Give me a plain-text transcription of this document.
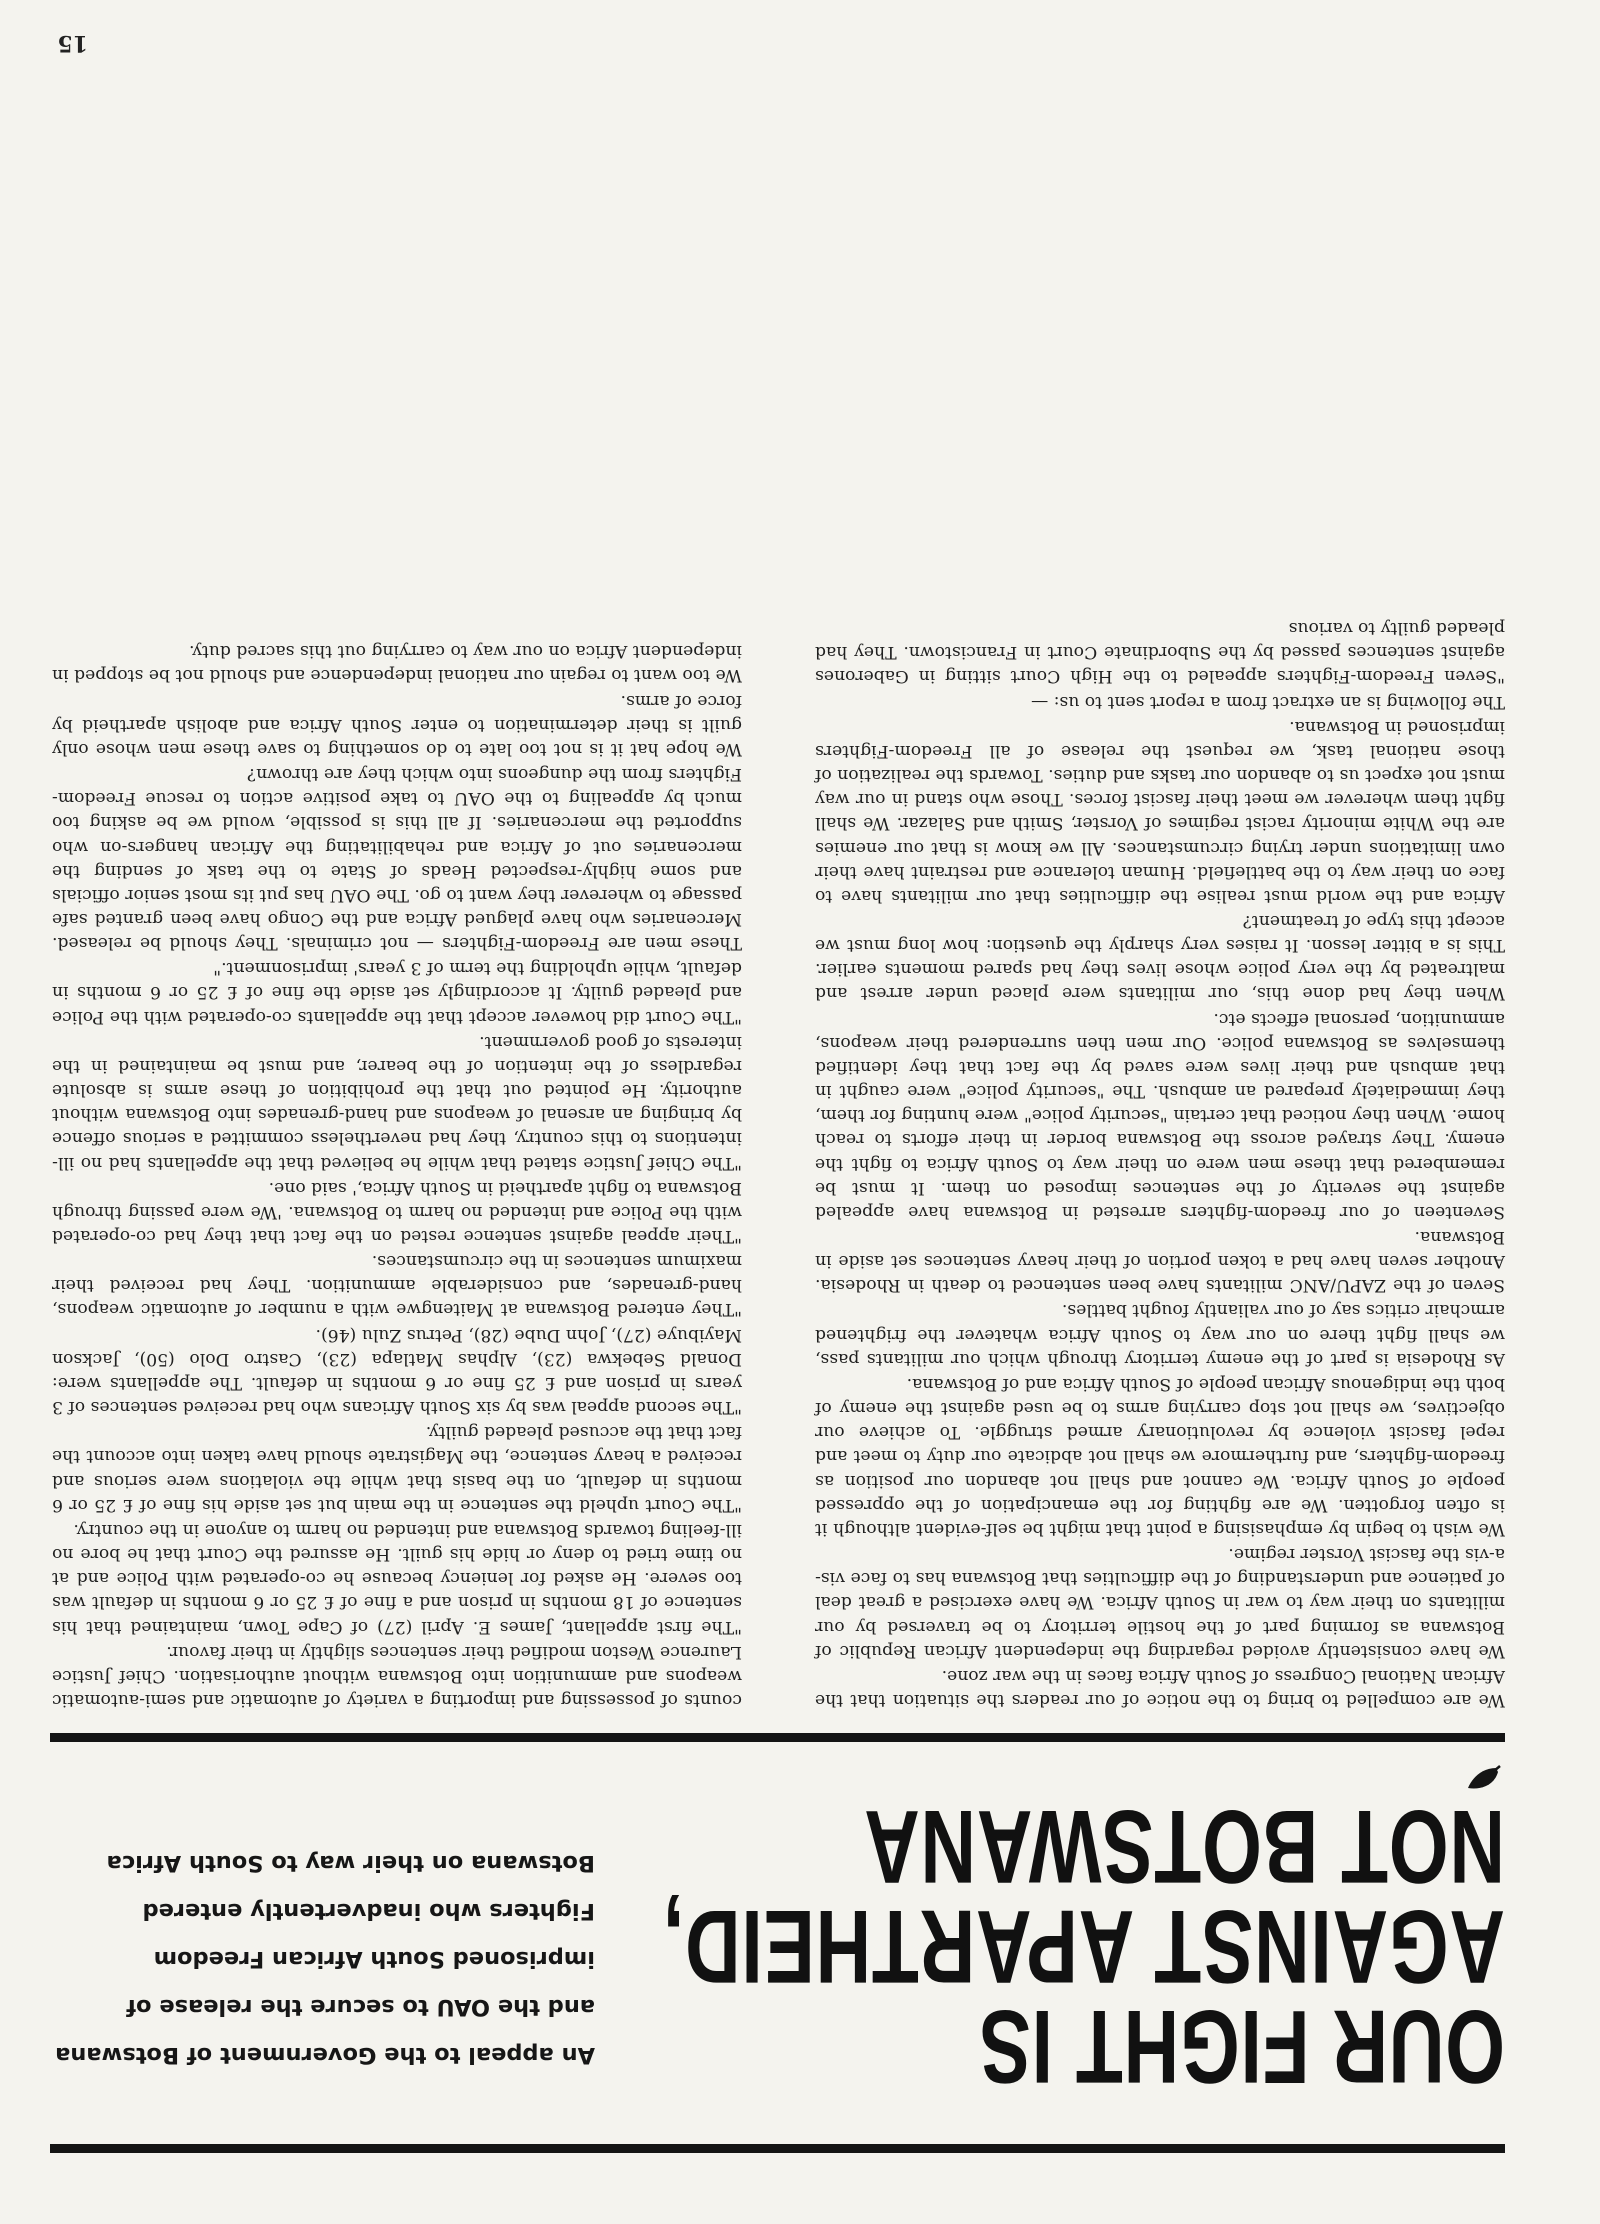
OUR FIGHT IS
AGAINST APARTHEID,
NOT BOTSWANA

An appeal to the Government of Botswana and the OAU to secure the release of imprisoned South African Freedom Fighters who inadvertently entered Botswana on their way to South Africa

We are compelled to bring to the notice of our readers the situation that the African National Congress of South Africa faces in the war zone.

We have consistently avoided regarding the independent African Republic of Botswana as forming part of the hostile territory to be traversed by our militants on their way to war in South Africa. We have exercised a great deal of patience and understanding of the difficulties that Botswana has to face vis-a-vis the fascist Vorster regime.

We wish to begin by emphasising a point that might be self-evident although it is often forgotten. We are fighting for the emancipation of the oppressed people of South Africa. We cannot and shall not abandon our position as freedom-fighters, and furthermore we shall not abdicate our duty to meet and repel fascist violence by revolutionary armed struggle. To achieve our objectives, we shall not stop carrying arms to be used against the enemy of both the indigenous African people of South Africa and of Botswana.

As Rhodesia is part of the enemy territory through which our militants pass, we shall fight there on our way to South Africa whatever the frightened armchair critics say of our valiantly fought battles.

Seven of the ZAPU/ANC militants have been sentenced to death in Rhodesia. Another seven have had a token portion of their heavy sentences set aside in Botswana.

Seventeen of our freedom-fighters arrested in Botswana have appealed against the severity of the sentences imposed on them. It must be remembered that these men were on their way to South Africa to fight the enemy. They strayed across the Botswana border in their efforts to reach home. When they noticed that certain "security police" were hunting for them, they immediately prepared an ambush. The "security police" were caught in that ambush and their lives were saved by the fact that they identified themselves as Botswana police. Our men then surrendered their weapons, ammunition, personal effects etc.

When they had done this, our militants were placed under arrest and maltreated by the very police whose lives they had spared moments earlier. This is a bitter lesson. It raises very sharply the question: how long must we accept this type of treatment?

Africa and the world must realise the difficulties that our militants have to face on their way to the battlefield. Human tolerance and restraint have their own limitations under trying circumstances. All we know is that our enemies are the White minority racist regimes of Vorster, Smith and Salazar. We shall fight them wherever we meet their fascist forces. Those who stand in our way must not expect us to abandon our tasks and duties. Towards the realization of those national task, we request the release of all Freedom-Fighters imprisoned in Botswana.

The following is an extract from a report sent to us: —

"Seven Freedom-Fighters appealed to the High Court sitting in Gaberones against sentences passed by the Subordinate Court in Francistown. They had pleaded guilty to various

counts of possessing and importing a variety of automatic and semi-automatic weapons and ammunition into Botswana without authorisation. Chief Justice Laurence Weston modified their sentences slightly in their favour.

"The first appellant, James E. April (27) of Cape Town, maintained that his sentence of 18 months in prison and a fine of £ 25 or 6 months in default was too severe. He asked for leniency because he co-operated with Police and at no time tried to deny or hide his guilt. He assured the Court that he bore no ill-feeling towards Botswana and intended no harm to anyone in the country.

"The Court upheld the sentence in the main but set aside his fine of £ 25 or 6 months in default, on the basis that while the violations were serious and received a heavy sentence, the Magistrate should have taken into account the fact that the accused pleaded guilty.

"The second appeal was by six South Africans who had received sentences of 3 years in prison and £ 25 fine or 6 months in default. The appellants were: Donald Sebekwa (23), Alphas Matlapa (23), Castro Dolo (50), Jackson Mayibuye (27), John Dube (28), Petrus Zulu (46).

"They entered Botswana at Maitengwe with a number of automatic weapons, hand-grenades, and considerable ammunition. They had received their maximum sentences in the circumstances.

"Their appeal against sentence rested on the fact that they had co-operated with the Police and intended no harm to Botswana. 'We were passing through Botswana to fight apartheid in South Africa,' said one.

"The Chief Justice stated that while he believed that the appellants had no ill-intentions to this country, they had nevertheless committed a serious offence by bringing an arsenal of weapons and hand-grenades into Botswana without authority. He pointed out that the prohibition of these arms is absolute regardless of the intention of the bearer, and must be maintained in the interests of good government.

"The Court did however accept that the appellants co-operated with the Police and pleaded guilty. It accordingly set aside the fine of £ 25 or 6 months in default, while upholding the term of 3 years' imprisonment."

These men are Freedom-Fighters — not criminals. They should be released. Mercenaries who have plagued Africa and the Congo have been granted safe passage to wherever they want to go. The OAU has put its most senior officials and some highly-respected Heads of State to the task of sending the mercenaries out of Africa and rehabilitating the African hangers-on who supported the mercenaries. If all this is possible, would we be asking too much by appealing to the OAU to take positive action to rescue Freedom-Fighters from the dungeons into which they are thrown?

We hope hat it is not too late to do something to save these men whose only guilt is their determination to enter South Africa and abolish apartheid by force of arms.

We too want to regain our national independence and should not be stopped in independent Africa on our way to carrying out this sacred duty.

15
